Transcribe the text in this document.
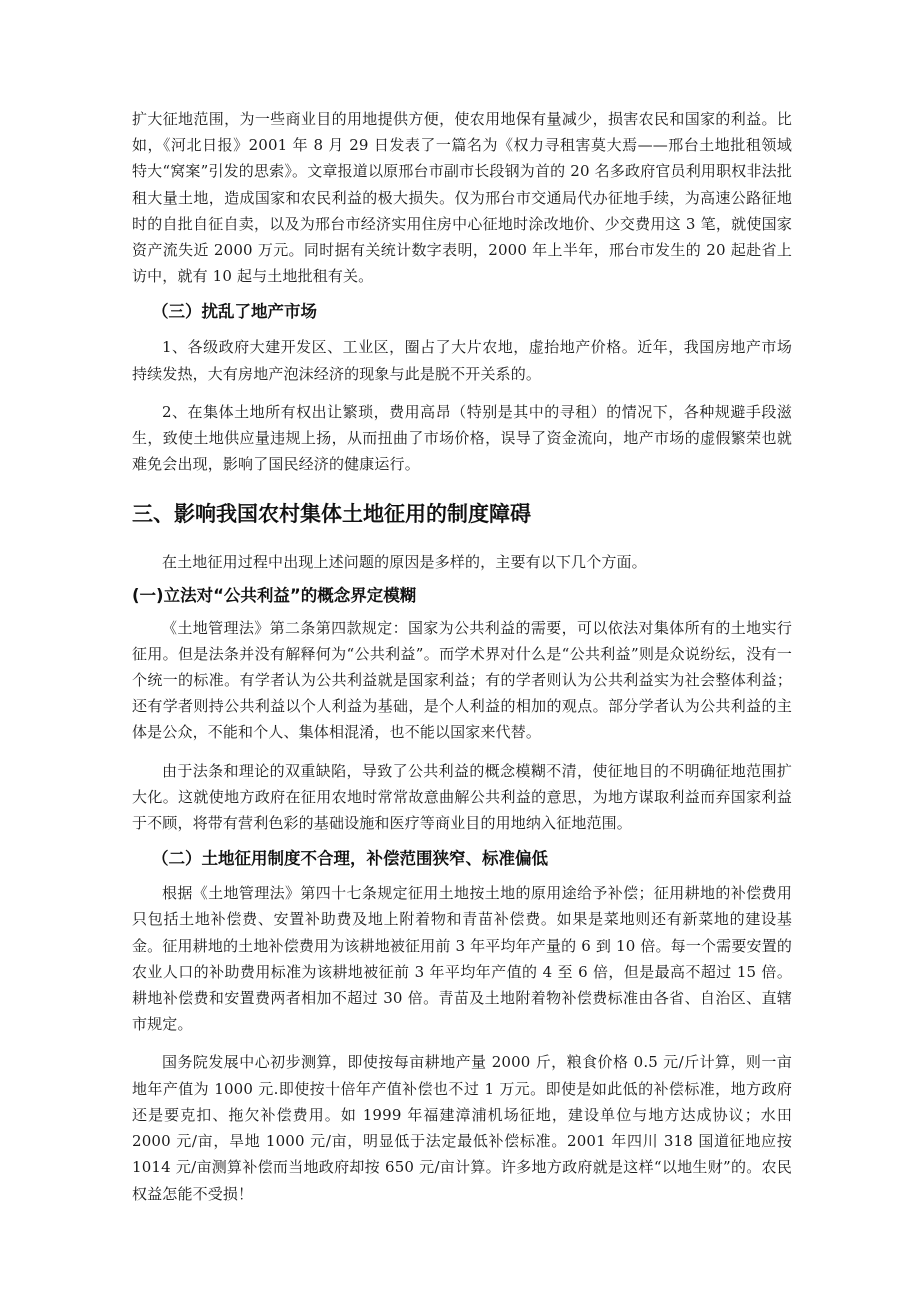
扩大征地范围，为一些商业目的用地提供方便，使农用地保有量减少，损害农民和国家的利益。比如，《河北日报》2001 年 8 月 29 日发表了一篇名为《权力寻租害莫大焉——邢台土地批租领域特大“窝案”引发的思索》。文章报道以原邢台市副市长段钢为首的 20 名多政府官员利用职权非法批租大量土地，造成国家和农民利益的极大损失。仅为邢台市交通局代办征地手续，为高速公路征地时的自批自征自卖，以及为邢台市经济实用住房中心征地时涂改地价、少交费用这 3 笔，就使国家资产流失近 2000 万元。同时据有关统计数字表明，2000 年上半年，邢台市发生的 20 起赴省上访中，就有 10 起与土地批租有关。

（三）扰乱了地产市场

1、各级政府大建开发区、工业区，圈占了大片农地，虚抬地产价格。近年，我国房地产市场持续发热，大有房地产泡沫经济的现象与此是脱不开关系的。

2、在集体土地所有权出让繁琐，费用高昂（特别是其中的寻租）的情况下，各种规避手段滋生，致使土地供应量违规上扬，从而扭曲了市场价格，误导了资金流向，地产市场的虚假繁荣也就难免会出现，影响了国民经济的健康运行。

三、影响我国农村集体土地征用的制度障碍

在土地征用过程中出现上述问题的原因是多样的，主要有以下几个方面。

(一)立法对“公共利益”的概念界定模糊

《土地管理法》第二条第四款规定：国家为公共利益的需要，可以依法对集体所有的土地实行征用。但是法条并没有解释何为“公共利益”。而学术界对什么是“公共利益”则是众说纷纭，没有一个统一的标准。有学者认为公共利益就是国家利益；有的学者则认为公共利益实为社会整体利益；还有学者则持公共利益以个人利益为基础，是个人利益的相加的观点。部分学者认为公共利益的主体是公众，不能和个人、集体相混淆，也不能以国家来代替。

由于法条和理论的双重缺陷，导致了公共利益的概念模糊不清，使征地目的不明确征地范围扩大化。这就使地方政府在征用农地时常常故意曲解公共利益的意思，为地方谋取利益而弃国家利益于不顾，将带有营利色彩的基础设施和医疗等商业目的用地纳入征地范围。

（二）土地征用制度不合理，补偿范围狭窄、标准偏低

根据《土地管理法》第四十七条规定征用土地按土地的原用途给予补偿；征用耕地的补偿费用只包括土地补偿费、安置补助费及地上附着物和青苗补偿费。如果是菜地则还有新菜地的建设基金。征用耕地的土地补偿费用为该耕地被征用前 3 年平均年产量的 6 到 10 倍。每一个需要安置的农业人口的补助费用标准为该耕地被征前 3 年平均年产值的 4 至 6 倍，但是最高不超过 15 倍。耕地补偿费和安置费两者相加不超过 30 倍。青苗及土地附着物补偿费标准由各省、自治区、直辖市规定。

国务院发展中心初步测算，即使按每亩耕地产量 2000 斤，粮食价格 0.5 元/斤计算，则一亩地年产值为 1000 元.即使按十倍年产值补偿也不过 1 万元。即使是如此低的补偿标准，地方政府还是要克扣、拖欠补偿费用。如 1999 年福建漳浦机场征地，建设单位与地方达成协议；水田 2000 元/亩，旱地 1000 元/亩，明显低于法定最低补偿标准。2001 年四川 318 国道征地应按 1014 元/亩测算补偿而当地政府却按 650 元/亩计算。许多地方政府就是这样“以地生财”的。农民权益怎能不受损！
